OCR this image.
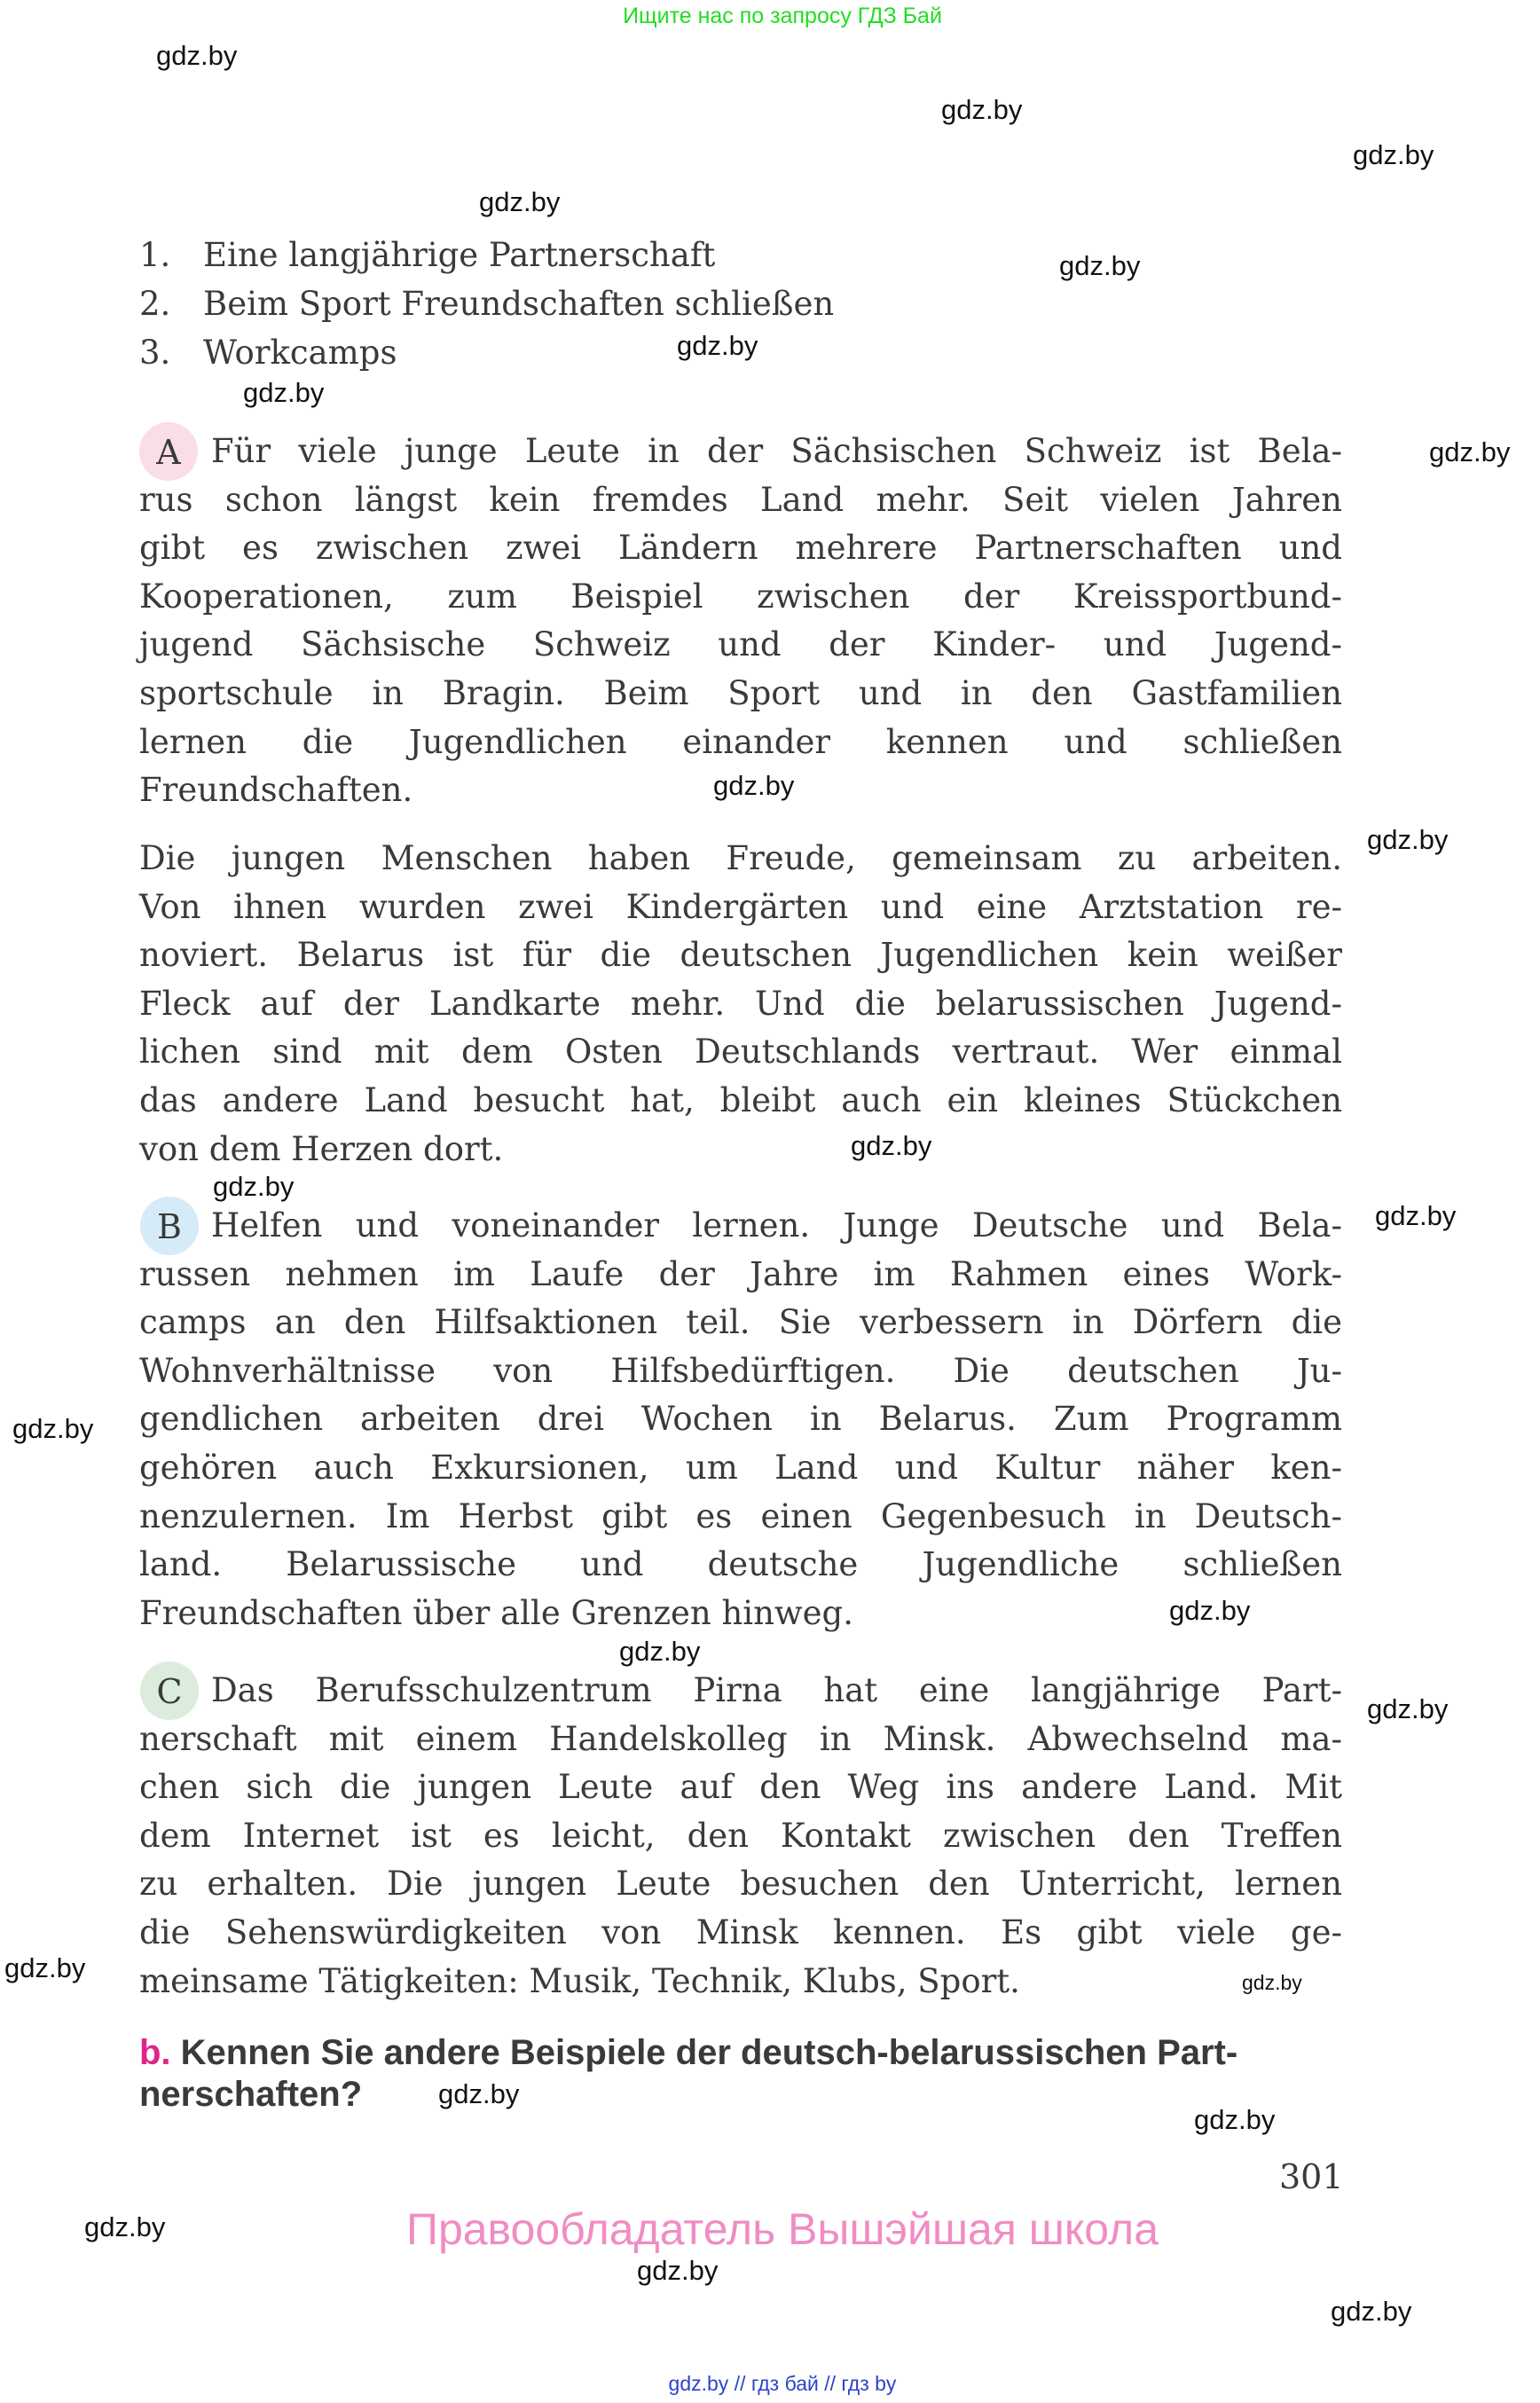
Ищите нас по запросу ГДЗ Бай
1. Eine langjährige Partnerschaft
2. Beim Sport Freundschaften schließen
3. Workcamps
Für viele junge Leute in der Sächsischen Schweiz ist Bela-
rus schon längst kein fremdes Land mehr. Seit vielen Jahren
gibt es zwischen zwei Ländern mehrere Partnerschaften und
Kooperationen, zum Beispiel zwischen der Kreissportbund-
jugend Sächsische Schweiz und der Kinder- und Jugend-
sportschule in Bragin. Beim Sport und in den Gastfamilien
lernen die Jugendlichen einander kennen und schließen
Freundschaften.
A
Die jungen Menschen haben Freude, gemeinsam zu arbeiten.
Von ihnen wurden zwei Kindergärten und eine Arztstation re-
noviert. Belarus ist für die deutschen Jugendlichen kein weißer
Fleck auf der Landkarte mehr. Und die belarussischen Jugend-
lichen sind mit dem Osten Deutschlands vertraut. Wer einmal
das andere Land besucht hat, bleibt auch ein kleines Stückchen
von dem Herzen dort.
Helfen und voneinander lernen. Junge Deutsche und Bela-
russen nehmen im Laufe der Jahre im Rahmen eines Work-
camps an den Hilfsaktionen teil. Sie verbessern in Dörfern die
Wohnverhältnisse von Hilfsbedürftigen. Die deutschen Ju-
gendlichen arbeiten drei Wochen in Belarus. Zum Programm
gehören auch Exkursionen, um Land und Kultur näher ken-
nenzulernen. Im Herbst gibt es einen Gegenbesuch in Deutsch-
land. Belarussische und deutsche Jugendliche schließen
Freundschaften über alle Grenzen hinweg.
B
Das Berufsschulzentrum Pirna hat eine langjährige Part-
nerschaft mit einem Handelskolleg in Minsk. Abwechselnd ma-
chen sich die jungen Leute auf den Weg ins andere Land. Mit
dem Internet ist es leicht, den Kontakt zwischen den Treffen
zu erhalten. Die jungen Leute besuchen den Unterricht, lernen
die Sehenswürdigkeiten von Minsk kennen. Es gibt viele ge-
meinsame Tätigkeiten: Musik, Technik, Klubs, Sport.
C
b. Kennen Sie andere Beispiele der deutsch-belarussischen Part-
nerschaften?
301
Правообладатель Вышэйшая школа
gdz.by // гдз бай // гдз by
gdz.by
gdz.by
gdz.by
gdz.by
gdz.by
gdz.by
gdz.by
gdz.by
gdz.by
gdz.by
gdz.by
gdz.by
gdz.by
gdz.by
gdz.by
gdz.by
gdz.by
gdz.by
gdz.by
gdz.by
gdz.by
gdz.by
gdz.by
gdz.by
